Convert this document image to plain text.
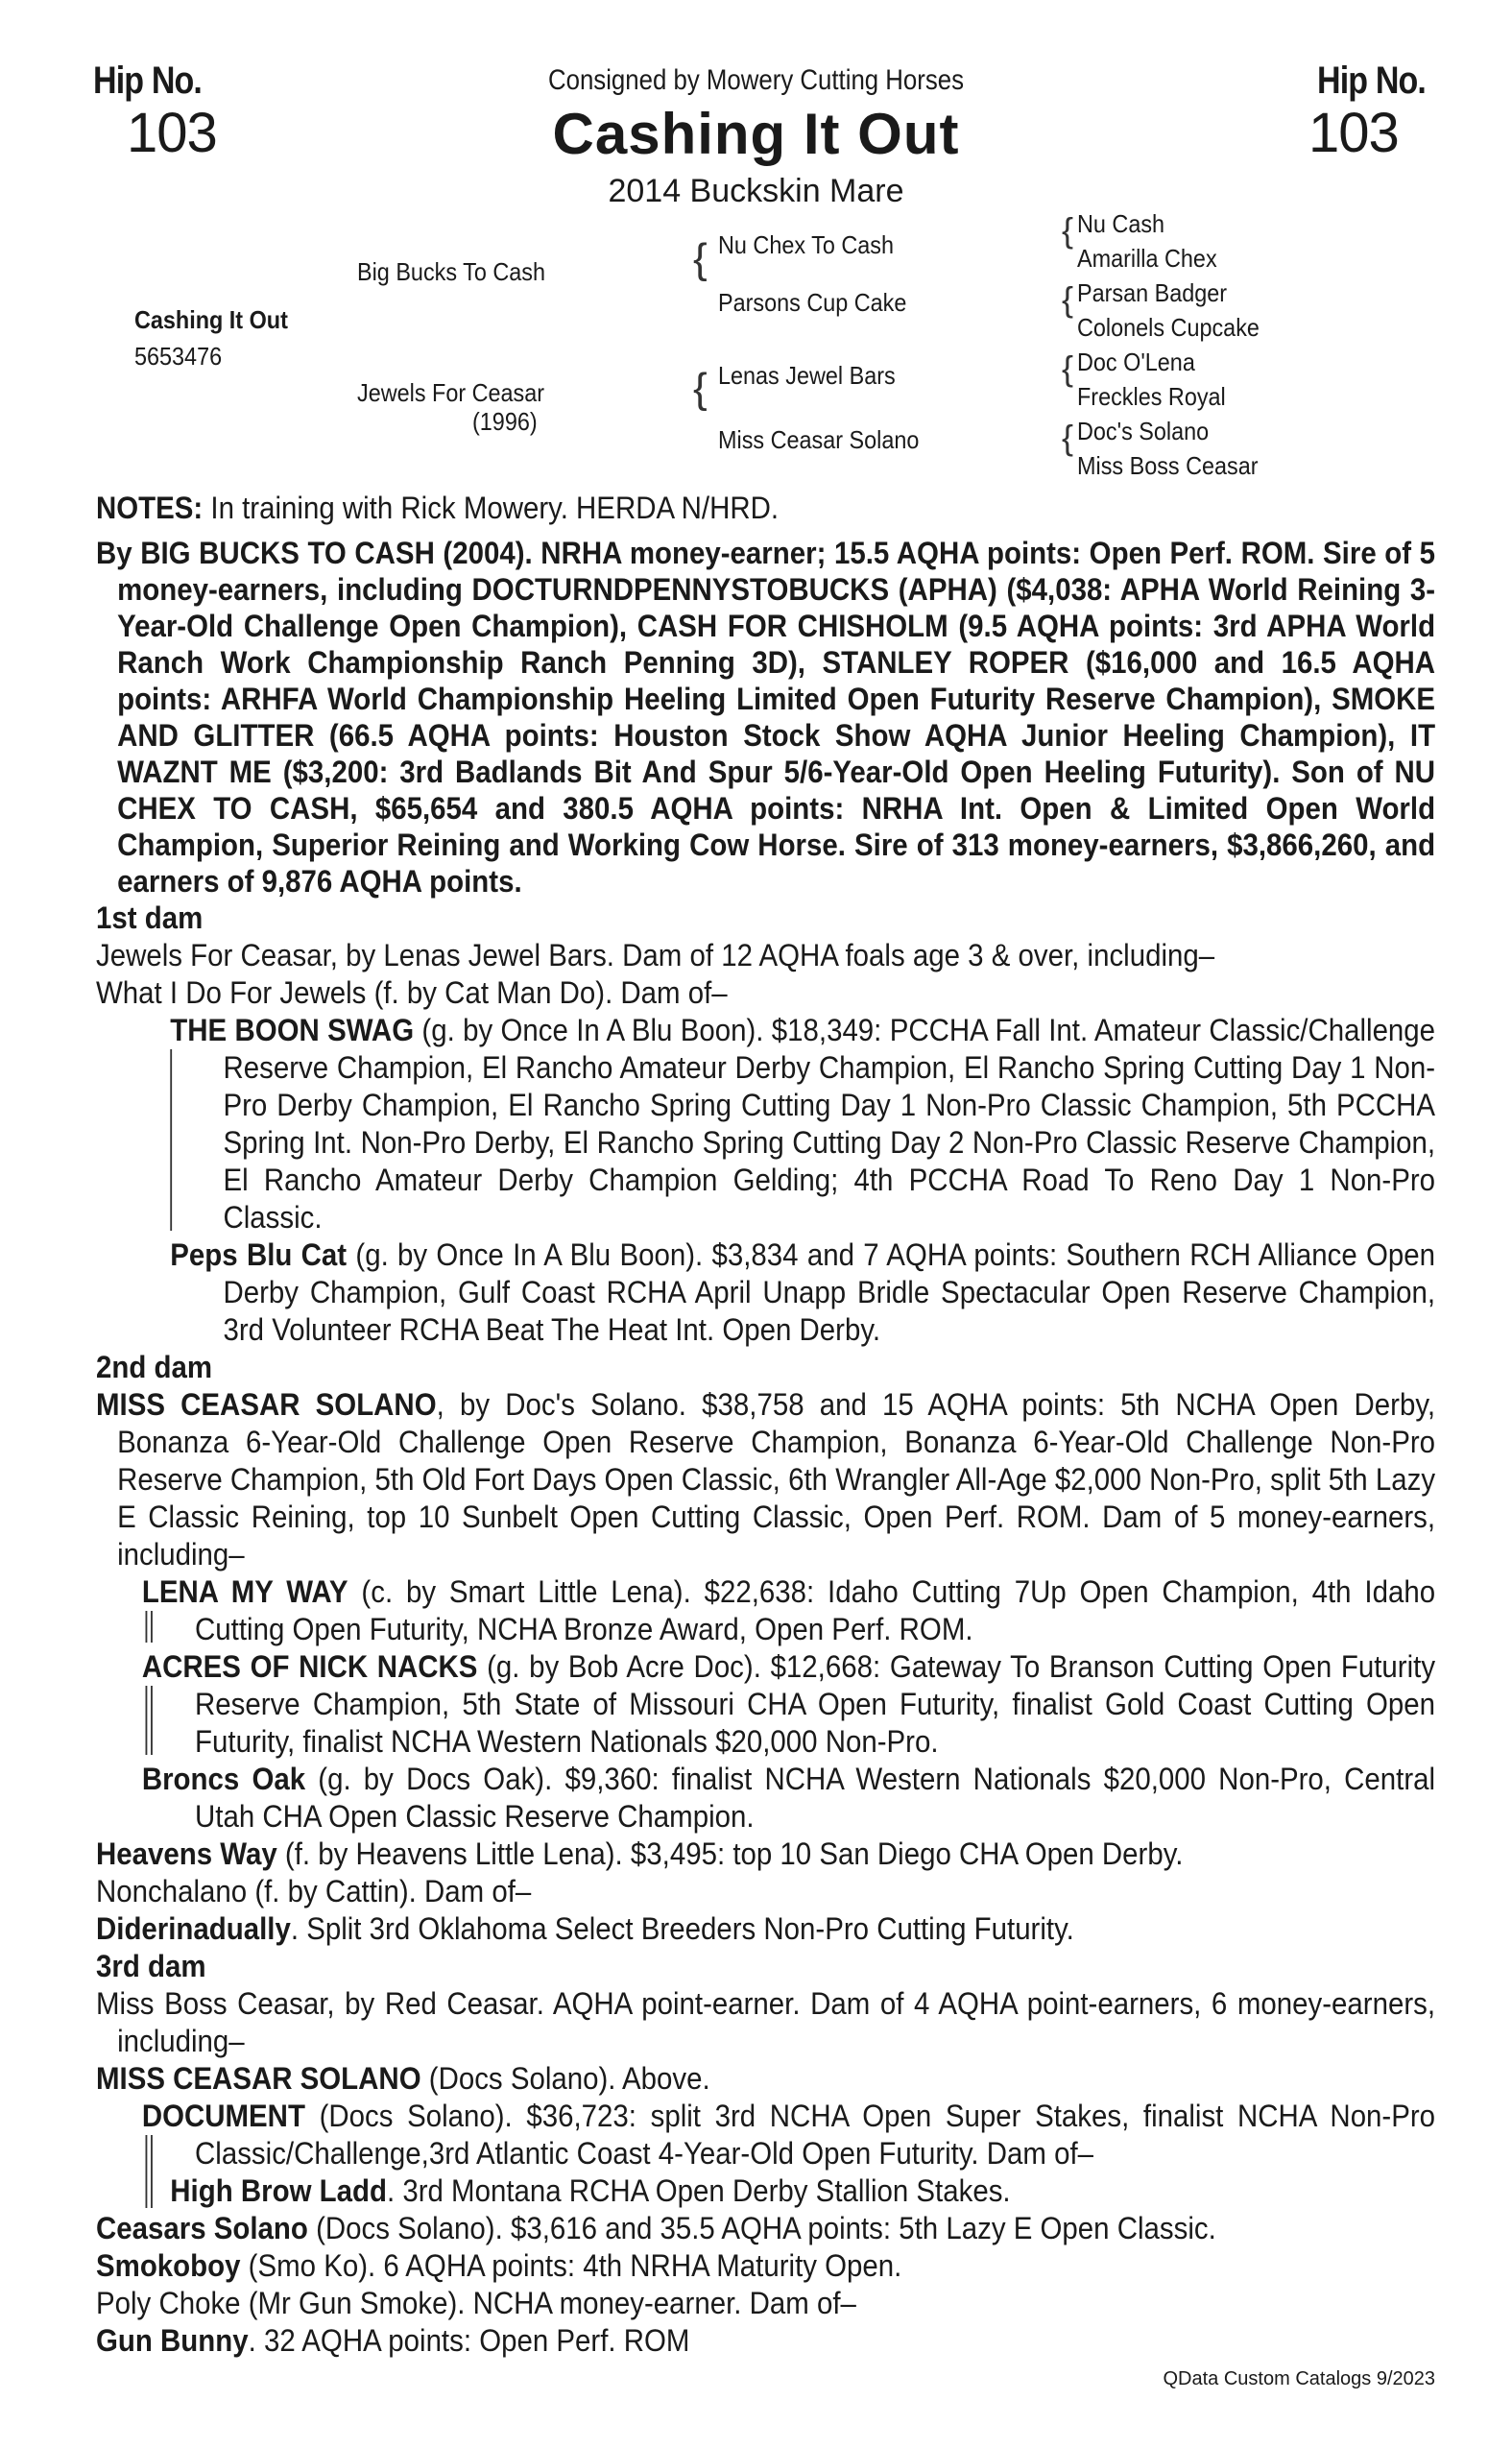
Hip No.
103
Hip No.
103
Consigned by Mowery Cutting Horses
Cashing It Out
2014 Buckskin Mare
Cashing It Out
5653476
Big Bucks To Cash
Jewels For Ceasar
(1996)
{ Nu Chex To Cash
Parsons Cup Cake
{ Lenas Jewel Bars
Miss Ceasar Solano
{ Nu Cash
Amarilla Chex
{ Parsan Badger
Colonels Cupcake
{ Doc O'Lena
Freckles Royal
{ Doc's Solano
Miss Boss Ceasar

NOTES: In training with Rick Mowery. HERDA N/HRD.

By BIG BUCKS TO CASH (2004). NRHA money-earner; 15.5 AQHA points: Open Perf. ROM. Sire of 5 money-earners, including DOCTURNDPENNYSTOBUCKS (APHA) ($4,038: APHA World Reining 3-Year-Old Challenge Open Champion), CASH FOR CHISHOLM (9.5 AQHA points: 3rd APHA World Ranch Work Championship Ranch Penning 3D), STANLEY ROPER ($16,000 and 16.5 AQHA points: ARHFA World Championship Heeling Limited Open Futurity Reserve Champion), SMOKE AND GLITTER (66.5 AQHA points: Houston Stock Show AQHA Junior Heeling Champion), IT WAZNT ME ($3,200: 3rd Badlands Bit And Spur 5/6-Year-Old Open Heeling Futurity). Son of NU CHEX TO CASH, $65,654 and 380.5 AQHA points: NRHA Int. Open & Limited Open World Champion, Superior Reining and Working Cow Horse. Sire of 313 money-earners, $3,866,260, and earners of 9,876 AQHA points.

1st dam

Jewels For Ceasar, by Lenas Jewel Bars. Dam of 12 AQHA foals age 3 & over, including–

What I Do For Jewels (f. by Cat Man Do). Dam of–

THE BOON SWAG (g. by Once In A Blu Boon). $18,349: PCCHA Fall Int. Amateur Classic/Challenge Reserve Champion, El Rancho Amateur Derby Champion, El Rancho Spring Cutting Day 1 Non-Pro Derby Champion, El Rancho Spring Cutting Day 1 Non-Pro Classic Champion, 5th PCCHA Spring Int. Non-Pro Derby, El Rancho Spring Cutting Day 2 Non-Pro Classic Reserve Champion, El Rancho Amateur Derby Champion Gelding; 4th PCCHA Road To Reno Day 1 Non-Pro Classic.

Peps Blu Cat (g. by Once In A Blu Boon). $3,834 and 7 AQHA points: Southern RCH Alliance Open Derby Champion, Gulf Coast RCHA April Unapp Bridle Spectacular Open Reserve Champion, 3rd Volunteer RCHA Beat The Heat Int. Open Derby.

2nd dam

MISS CEASAR SOLANO, by Doc's Solano. $38,758 and 15 AQHA points: 5th NCHA Open Derby, Bonanza 6-Year-Old Challenge Open Reserve Champion, Bonanza 6-Year-Old Challenge Non-Pro Reserve Champion, 5th Old Fort Days Open Classic, 6th Wrangler All-Age $2,000 Non-Pro, split 5th Lazy E Classic Reining, top 10 Sunbelt Open Cutting Classic, Open Perf. ROM. Dam of 5 money-earners, including–

LENA MY WAY (c. by Smart Little Lena). $22,638: Idaho Cutting 7Up Open Champion, 4th Idaho Cutting Open Futurity, NCHA Bronze Award, Open Perf. ROM.

ACRES OF NICK NACKS (g. by Bob Acre Doc). $12,668: Gateway To Branson Cutting Open Futurity Reserve Champion, 5th State of Missouri CHA Open Futurity, finalist Gold Coast Cutting Open Futurity, finalist NCHA Western Nationals $20,000 Non-Pro.

Broncs Oak (g. by Docs Oak). $9,360: finalist NCHA Western Nationals $20,000 Non-Pro, Central Utah CHA Open Classic Reserve Champion.

Heavens Way (f. by Heavens Little Lena). $3,495: top 10 San Diego CHA Open Derby.

Nonchalano (f. by Cattin). Dam of–

Diderinadually. Split 3rd Oklahoma Select Breeders Non-Pro Cutting Futurity.

3rd dam

Miss Boss Ceasar, by Red Ceasar. AQHA point-earner. Dam of 4 AQHA point-earners, 6 money-earners, including–

MISS CEASAR SOLANO (Docs Solano). Above.

DOCUMENT (Docs Solano). $36,723: split 3rd NCHA Open Super Stakes, finalist NCHA Non-Pro Classic/Challenge,3rd Atlantic Coast 4-Year-Old Open Futurity. Dam of–

High Brow Ladd. 3rd Montana RCHA Open Derby Stallion Stakes.

Ceasars Solano (Docs Solano). $3,616 and 35.5 AQHA points: 5th Lazy E Open Classic.

Smokoboy (Smo Ko). 6 AQHA points: 4th NRHA Maturity Open.

Poly Choke (Mr Gun Smoke). NCHA money-earner. Dam of–

Gun Bunny. 32 AQHA points: Open Perf. ROM

QData Custom Catalogs 9/2023
